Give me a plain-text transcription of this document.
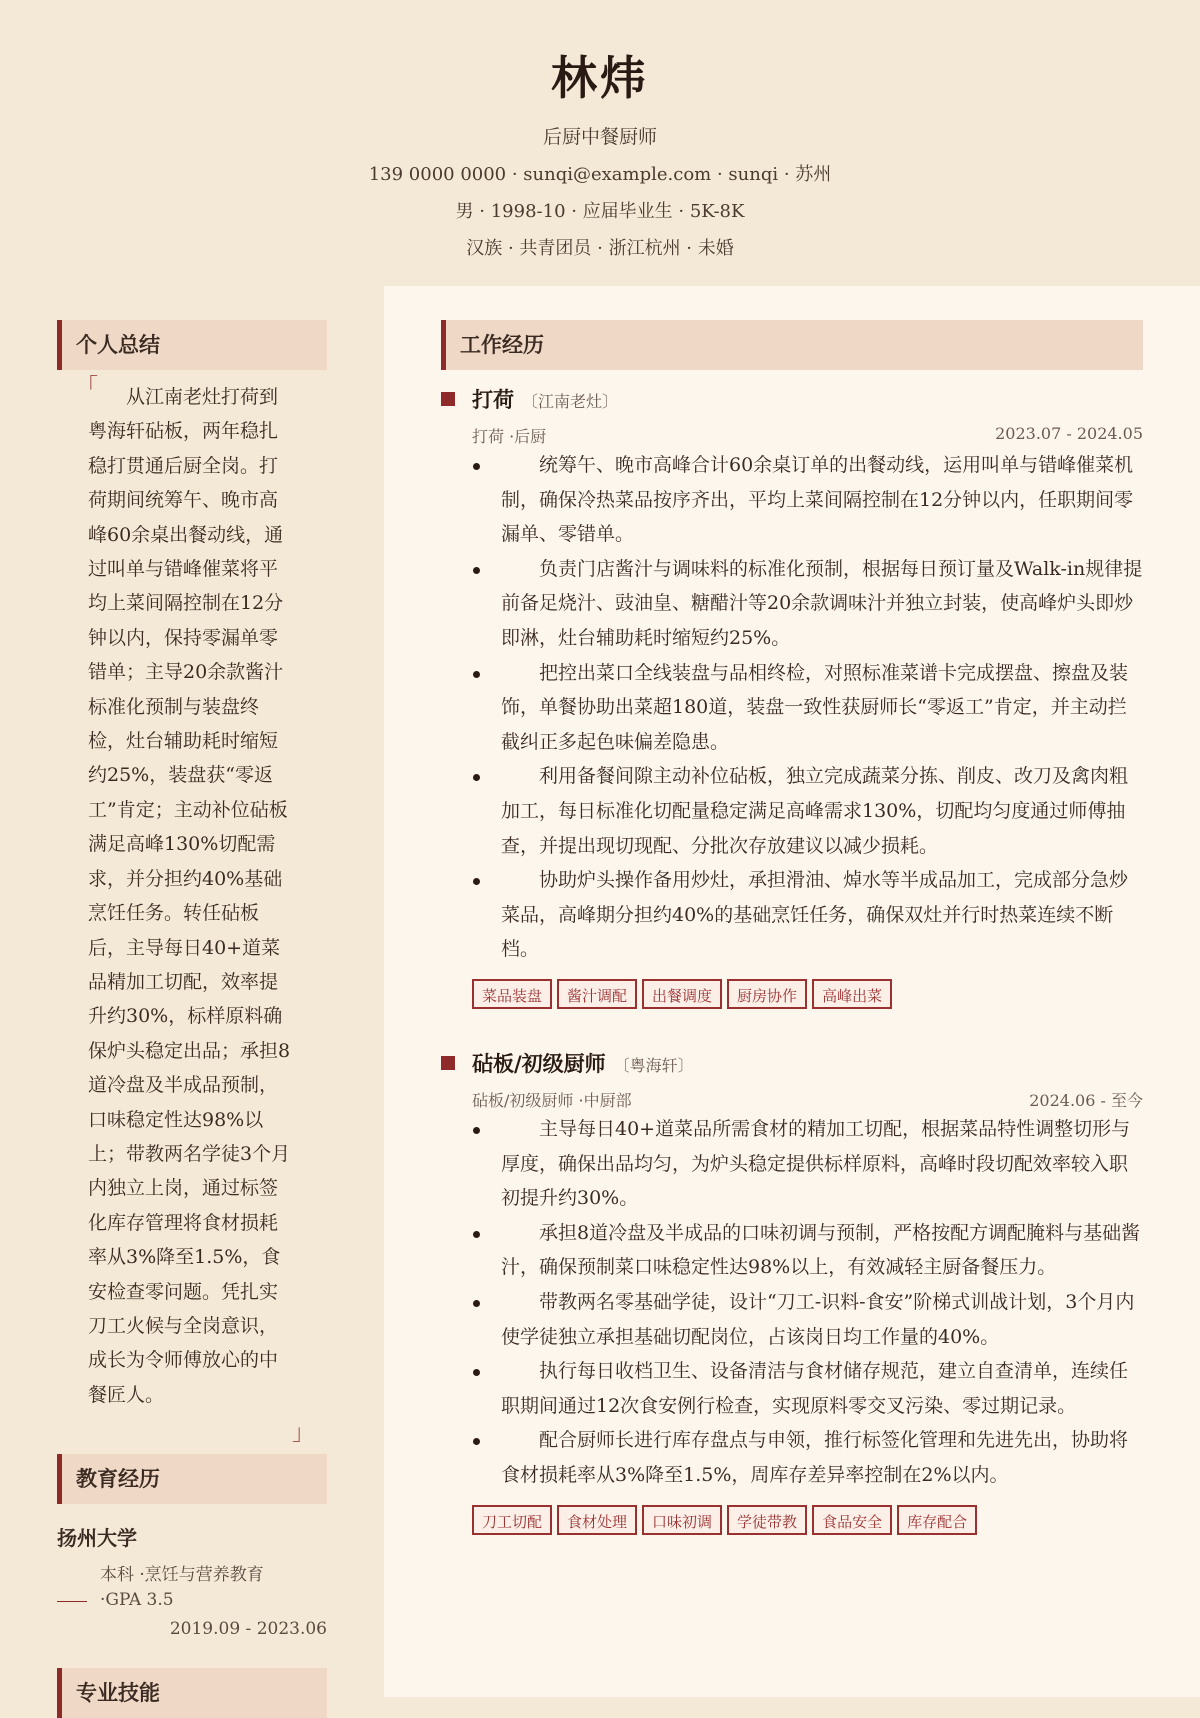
林炜
后厨中餐厨师
139 0000 0000 · sunqi@example.com · sunqi · 苏州
男 · 1998-10 · 应届毕业生 · 5K-8K
汉族 · 共青团员 · 浙江杭州 · 未婚
个人总结
「	从江南老灶打荷到粤海轩砧板，两年稳扎稳打贯通后厨全岗。打荷期间统筹午、晚市高峰60余桌出餐动线，通过叫单与错峰催菜将平均上菜间隔控制在12分钟以内，保持零漏单零错单；主导20余款酱汁标准化预制与装盘终检，灶台辅助耗时缩短约25%，装盘获“零返工”肯定；主动补位砧板满足高峰130%切配需求，并分担约40%基础烹饪任务。转任砧板后，主导每日40+道菜品精加工切配，效率提升约30%，标样原料确保炉头稳定出品；承担8道冷盘及半成品预制，口味稳定性达98%以上；带教两名学徒3个月内独立上岗，通过标签化库存管理将食材损耗率从3%降至1.5%，食安检查零问题。凭扎实刀工火候与全岗意识，成长为令师傅放心的中餐匠人。
」
教育经历
扬州大学
本科 ·烹饪与营养教育
·GPA 3.5
2019.09 - 2023.06
专业技能
工作经历
打荷 〔江南老灶〕
打荷 ·后厨	2023.07 - 2024.05
统筹午、晚市高峰合计60余桌订单的出餐动线，运用叫单与错峰催菜机制，确保冷热菜品按序齐出，平均上菜间隔控制在12分钟以内，任职期间零漏单、零错单。
负责门店酱汁与调味料的标准化预制，根据每日预订量及Walk-in规律提前备足烧汁、豉油皇、糖醋汁等20余款调味汁并独立封装，使高峰炉头即炒即淋，灶台辅助耗时缩短约25%。
把控出菜口全线装盘与品相终检，对照标准菜谱卡完成摆盘、擦盘及装饰，单餐协助出菜超180道，装盘一致性获厨师长“零返工”肯定，并主动拦截纠正多起色味偏差隐患。
利用备餐间隙主动补位砧板，独立完成蔬菜分拣、削皮、改刀及禽肉粗加工，每日标准化切配量稳定满足高峰需求130%，切配均匀度通过师傅抽查，并提出现切现配、分批次存放建议以减少损耗。
协助炉头操作备用炒灶，承担滑油、焯水等半成品加工，完成部分急炒菜品，高峰期分担约40%的基础烹饪任务，确保双灶并行时热菜连续不断档。
菜品装盘 酱汁调配 出餐调度 厨房协作 高峰出菜
砧板/初级厨师 〔粤海轩〕
砧板/初级厨师 ·中厨部	2024.06 - 至今
主导每日40+道菜品所需食材的精加工切配，根据菜品特性调整切形与厚度，确保出品均匀，为炉头稳定提供标样原料，高峰时段切配效率较入职初提升约30%。
承担8道冷盘及半成品的口味初调与预制，严格按配方调配腌料与基础酱汁，确保预制菜口味稳定性达98%以上，有效减轻主厨备餐压力。
带教两名零基础学徒，设计“刀工-识料-食安”阶梯式训战计划，3个月内使学徒独立承担基础切配岗位，占该岗日均工作量的40%。
执行每日收档卫生、设备清洁与食材储存规范，建立自查清单，连续任职期间通过12次食安例行检查，实现原料零交叉污染、零过期记录。
配合厨师长进行库存盘点与申领，推行标签化管理和先进先出，协助将食材损耗率从3%降至1.5%，周库存差异率控制在2%以内。
刀工切配 食材处理 口味初调 学徒带教 食品安全 库存配合
